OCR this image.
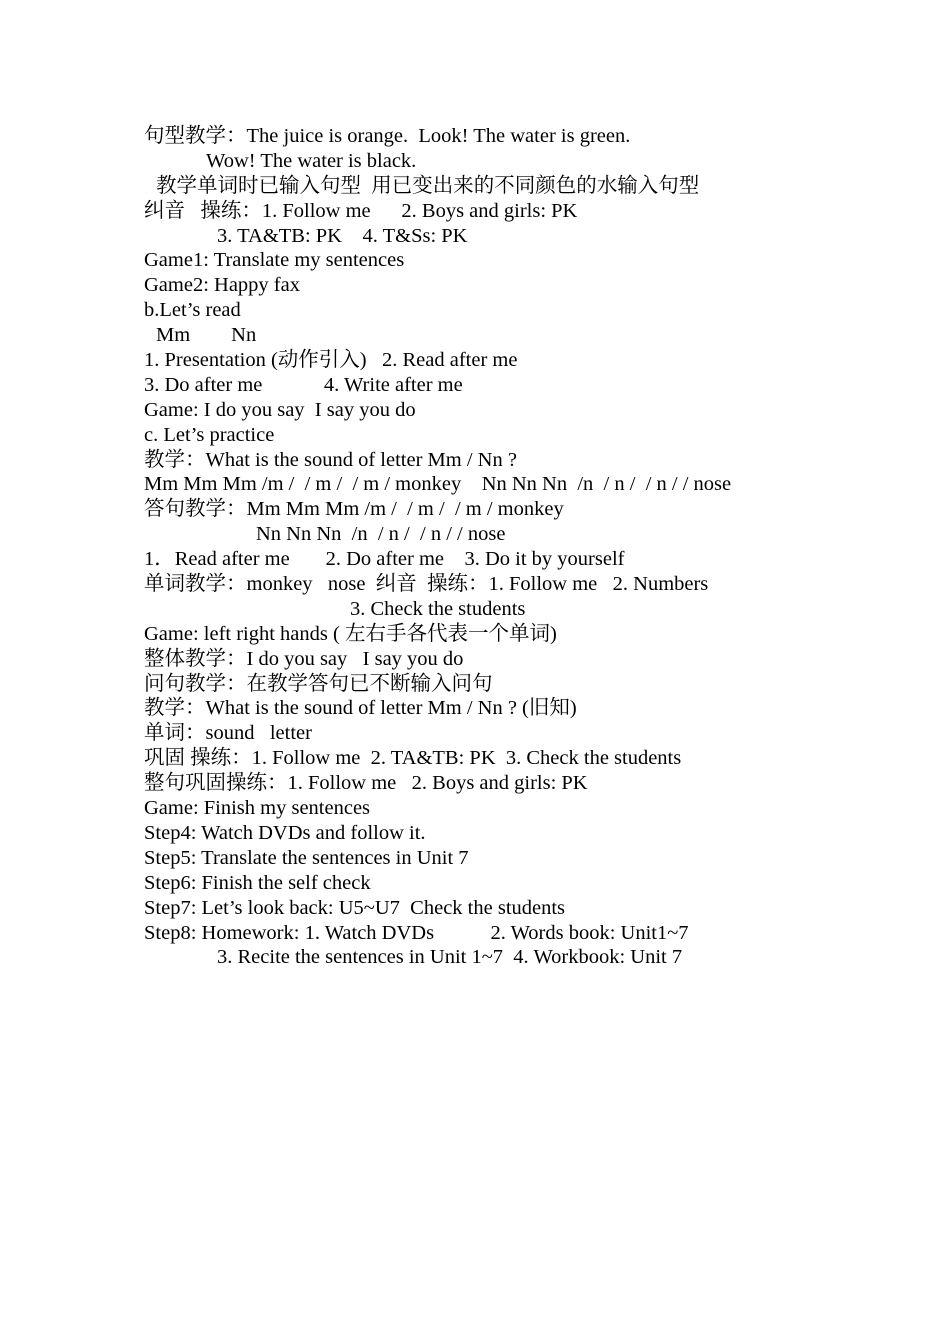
句型教学：The juice is orange.  Look! The water is green.
Wow! The water is black.
教学单词时已输入句型  用已变出来的不同颜色的水输入句型
纠音   操练：1. Follow me      2. Boys and girls: PK
3. TA&TB: PK    4. T&Ss: PK
Game1: Translate my sentences
Game2: Happy fax
b.Let’s read
Mm        Nn
1. Presentation (动作引入)   2. Read after me
3. Do after me            4. Write after me
Game: I do you say  I say you do
c. Let’s practice
教学：What is the sound of letter Mm / Nn ?
Mm Mm Mm /m /  / m /  / m / monkey    Nn Nn Nn  /n  / n /  / n / / nose
答句教学：Mm Mm Mm /m /  / m /  / m / monkey
Nn Nn Nn  /n  / n /  / n / / nose
1．Read after me       2. Do after me    3. Do it by yourself
单词教学：monkey   nose  纠音  操练：1. Follow me   2. Numbers
3. Check the students
Game: left right hands ( 左右手各代表一个单词)
整体教学：I do you say   I say you do
问句教学：在教学答句已不断输入问句
教学：What is the sound of letter Mm / Nn ? (旧知)
单词：sound   letter
巩固 操练：1. Follow me  2. TA&TB: PK  3. Check the students
整句巩固操练：1. Follow me   2. Boys and girls: PK
Game: Finish my sentences
Step4: Watch DVDs and follow it.
Step5: Translate the sentences in Unit 7
Step6: Finish the self check
Step7: Let’s look back: U5~U7  Check the students
Step8: Homework: 1. Watch DVDs           2. Words book: Unit1~7
3. Recite the sentences in Unit 1~7  4. Workbook: Unit 7
